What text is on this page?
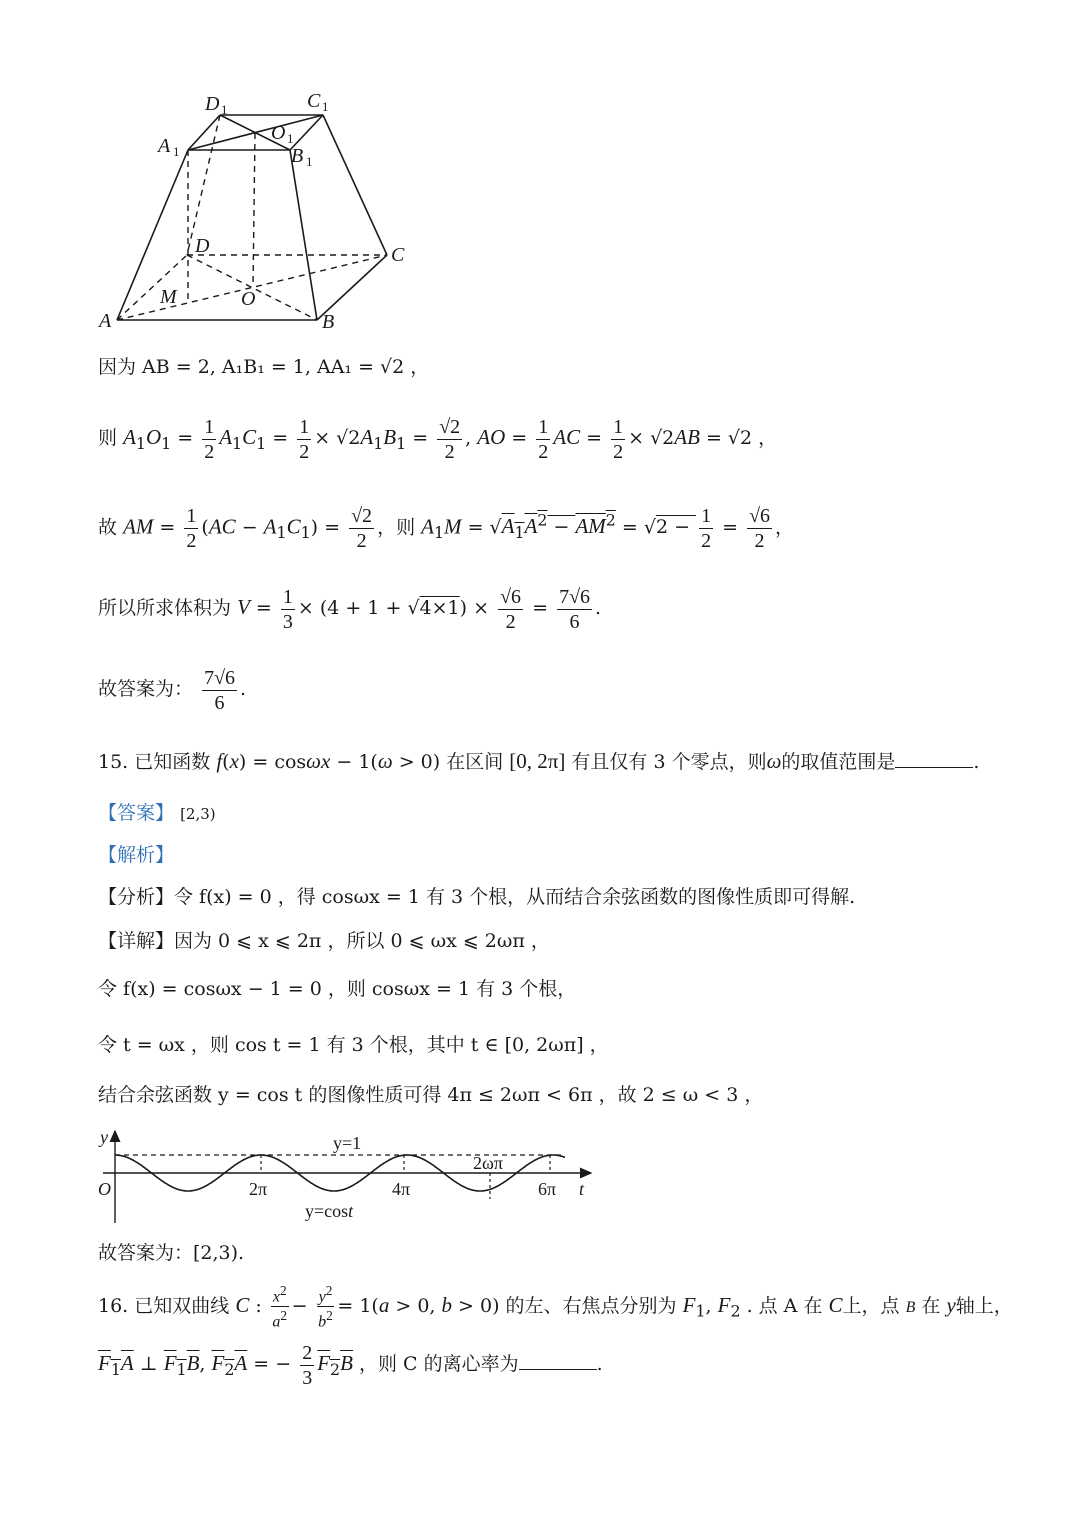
D 1	C 1
A 1
O 1
B 1
D	C
A	B
M	O
因为 AB = 2, A₁B₁ = 1, AA₁ = √2 ，
则 $A_1O_1 = \frac{1}{2} A_1C_1 = \frac{1}{2} \times √2A_1B_1 = \frac{√2}{2}$ , AO = $\frac{1}{2}$ AC = $\frac{1}{2} \times √2AB = √2$ ，
故 AM = $\frac{1}{2} (AC - A_1C_1) = \frac{√2}{2}$ ，则 $A_1M = √A_1A^2 - AM^2 = √2 - \frac{1}{2} = \frac{√6}{2}$ ，
所以所求体积为 $V = \frac{1}{3} \times (4 + 1 + √4\times 1) \times \frac{√6}{2} = \frac{7√6}{6}$ .
故答案为： $\frac{7√6}{6}$ .
15. 已知函数 f(x) = cosωx − 1(ω > 0) 在区间 [0, 2π] 有且仅有 3 个零点，则ω的取值范围是	.
【答案】 [2,3)
【解析】
【分析】令 f(x) = 0 ，得 cosωx = 1 有 3 个根，从而结合余弦函数的图像性质即可得解.
【详解】因为 0 ⩽ x ⩽ 2π ，所以 0 ⩽ ωx ⩽ 2ωπ ，
令 f(x) = cosωx − 1 = 0 ，则 cosωx = 1 有 3 个根，
令 t = ωx ，则 cos t = 1 有 3 个根，其中 t ∈ [0, 2ωπ] ，
结合余弦函数 y = cos t 的图像性质可得 4π ≤ 2ωπ < 6π ，故 2 ≤ ω < 3 ，
y
t
O
y=1
y=cost
2π	4π	6π
2ωπ
故答案为：[2,3).
16. 已知双曲线 C : $\frac{x^2}{a^2} - \frac{y^2}{b^2} = 1(a > 0$, b > 0) 的左、右焦点分别为 $F_1$, $F_2$ . 点 A 在 C上，点 B 在 y轴上，
$F_1A$ ⊥ $F_1B$, $F_2A$ = − $\frac{2}{3} F_2B$ ，则 C 的离心率为	.
